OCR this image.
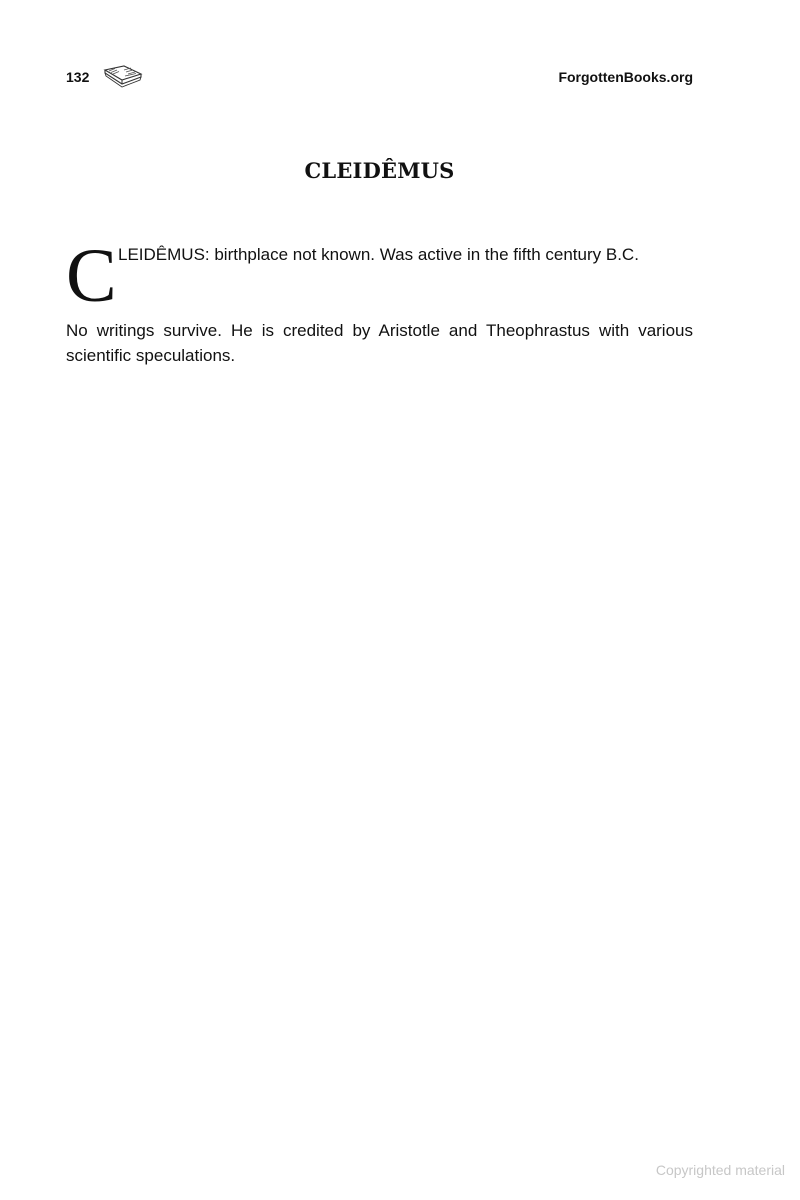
132	ForgottenBooks.org
CLEIDÊMUS
C LEIDÊMUS: birthplace not known. Was active in the fifth century B.C.
No writings survive. He is credited by Aristotle and Theophrastus with various scientific speculations.
Copyrighted material
